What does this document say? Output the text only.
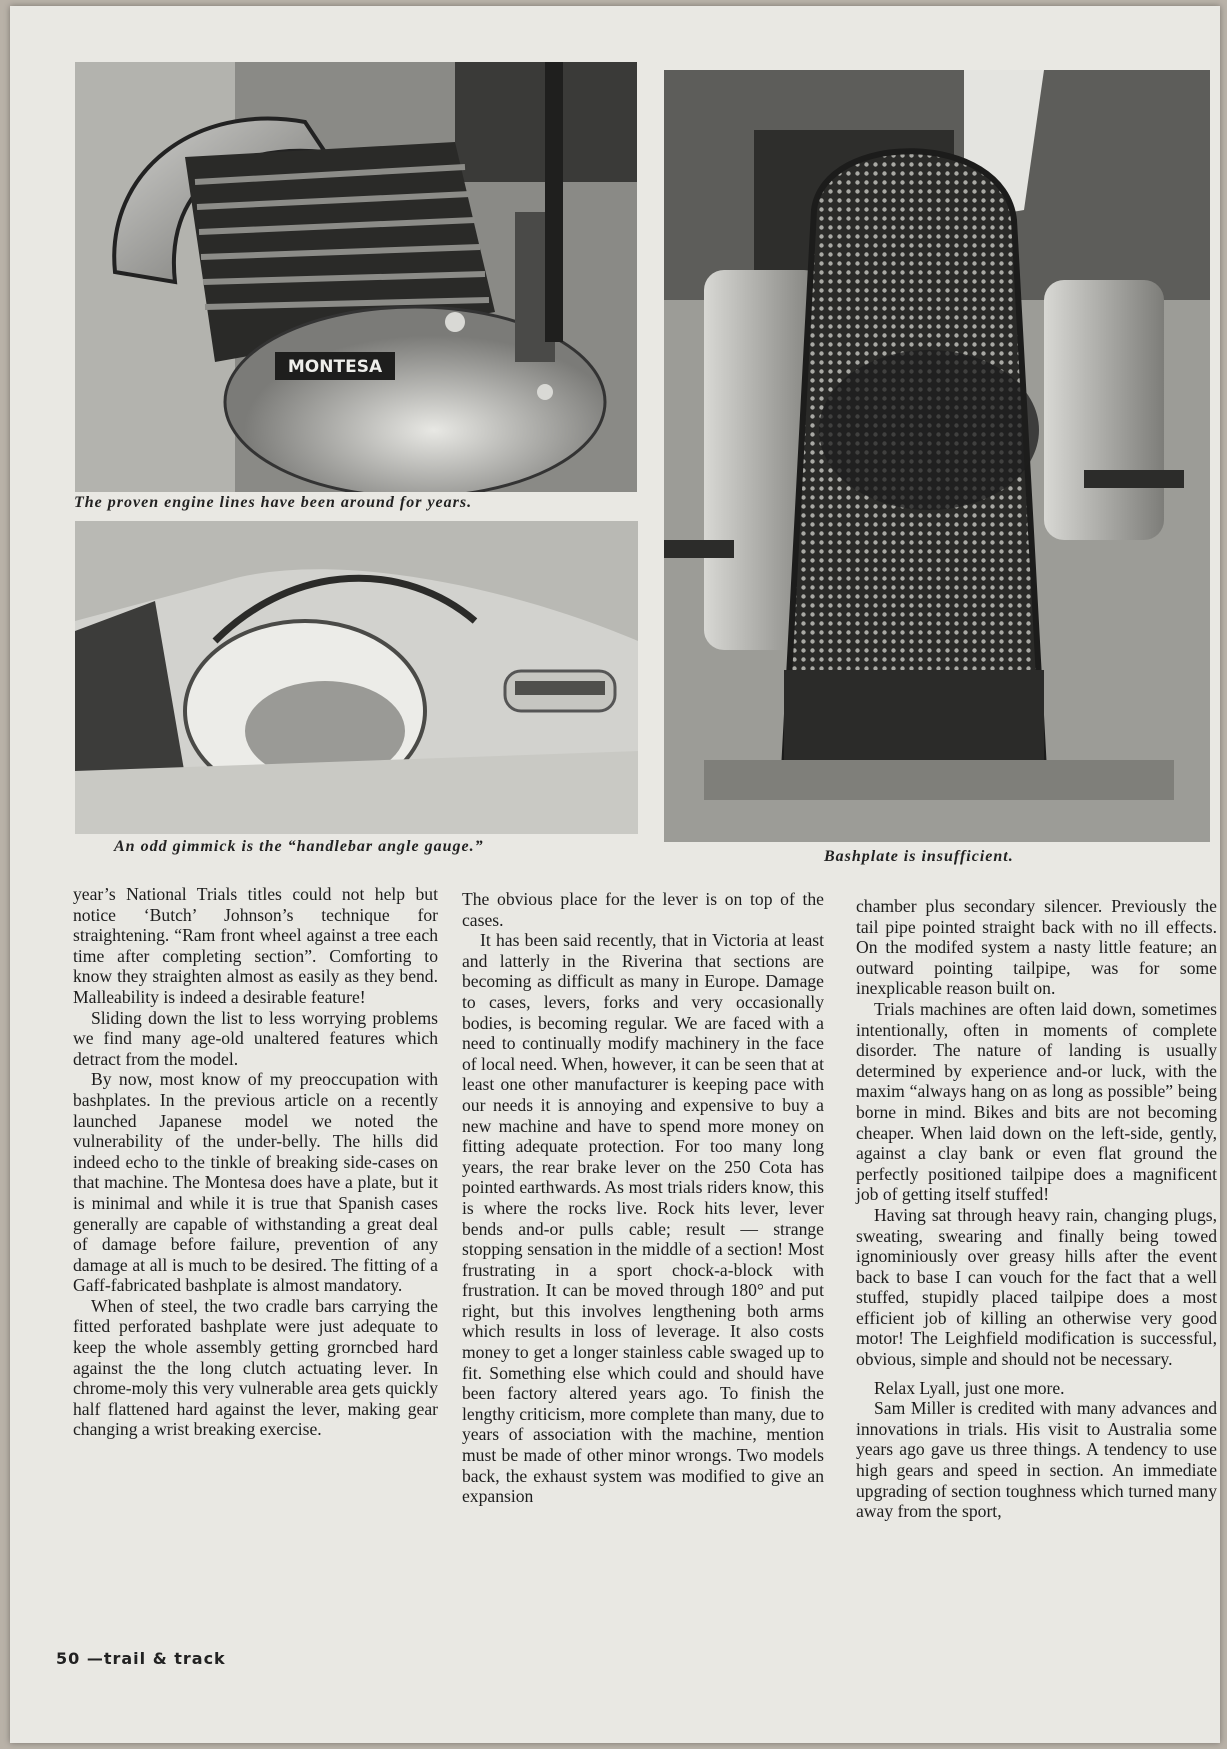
MONTESA
The proven engine lines have been around for years.
An odd gimmick is the “handlebar angle gauge.”
Bashplate is insufficient.

year’s National Trials titles could not help but notice ‘Butch’ Johnson’s technique for straightening. “Ram front wheel against a tree each time after completing section”. Comforting to know they straighten almost as easily as they bend. Malleability is indeed a desirable feature!

Sliding down the list to less worrying problems we find many age-old unaltered features which detract from the model.

By now, most know of my preoccupation with bashplates. In the previous article on a recently launched Japanese model we noted the vulnerability of the under-belly. The hills did indeed echo to the tinkle of breaking side-cases on that machine. The Montesa does have a plate, but it is minimal and while it is true that Spanish cases generally are capable of withstanding a great deal of damage before failure, prevention of any damage at all is much to be desired. The fitting of a Gaff-fabricated bashplate is almost mandatory.

When of steel, the two cradle bars carrying the fitted perforated bashplate were just adequate to keep the whole assembly getting grorncbed hard against the the long clutch actuating lever. In chrome-moly this very vulnerable area gets quickly half flattened hard against the lever, making gear changing a wrist breaking exercise.

The obvious place for the lever is on top of the cases.

It has been said recently, that in Victoria at least and latterly in the Riverina that sections are becoming as difficult as many in Europe. Damage to cases, levers, forks and very occasionally bodies, is becoming regular. We are faced with a need to continually modify machinery in the face of local need. When, however, it can be seen that at least one other manufacturer is keeping pace with our needs it is annoying and expensive to buy a new machine and have to spend more money on fitting adequate protection. For too many long years, the rear brake lever on the 250 Cota has pointed earthwards. As most trials riders know, this is where the rocks live. Rock hits lever, lever bends and-or pulls cable; result — strange stopping sensation in the middle of a section! Most frustrating in a sport chock-a-block with frustration. It can be moved through 180° and put right, but this involves lengthening both arms which results in loss of leverage. It also costs money to get a longer stainless cable swaged up to fit. Something else which could and should have been factory altered years ago. To finish the lengthy criticism, more complete than many, due to years of association with the machine, mention must be made of other minor wrongs. Two models back, the exhaust system was modified to give an expansion

chamber plus secondary silencer. Previously the tail pipe pointed straight back with no ill effects. On the modifed system a nasty little feature; an outward pointing tailpipe, was for some inexplicable reason built on.

Trials machines are often laid down, sometimes intentionally, often in moments of complete disorder. The nature of landing is usually determined by experience and-or luck, with the maxim “always hang on as long as possible” being borne in mind. Bikes and bits are not becoming cheaper. When laid down on the left-side, gently, against a clay bank or even flat ground the perfectly positioned tailpipe does a magnificent job of getting itself stuffed!

Having sat through heavy rain, changing plugs, sweating, swearing and finally being towed ignominiously over greasy hills after the event back to base I can vouch for the fact that a well stuffed, stupidly placed tailpipe does a most efficient job of killing an otherwise very good motor! The Leighfield modification is successful, obvious, simple and should not be necessary.

Relax Lyall, just one more.

Sam Miller is credited with many advances and innovations in trials. His visit to Australia some years ago gave us three things. A tendency to use high gears and speed in section. An immediate upgrading of section toughness which turned many away from the sport,

50 —trail & track
